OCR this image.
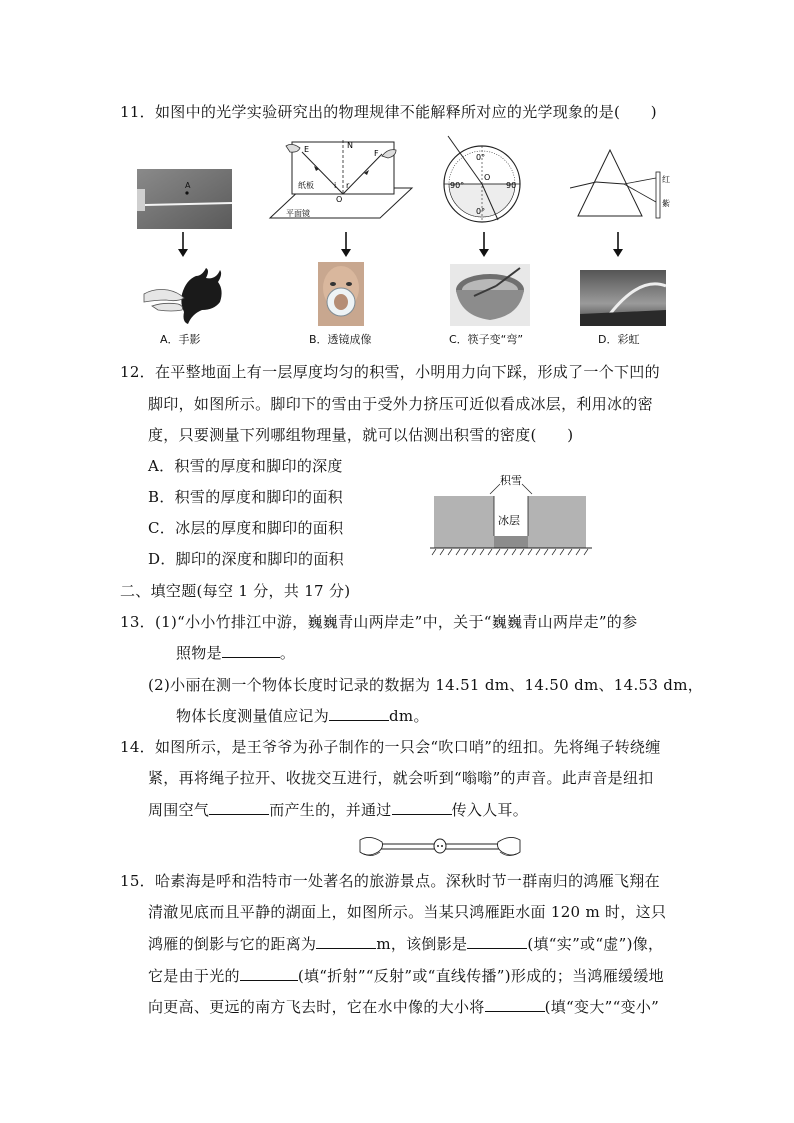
11．如图中的光学实验研究出的物理规律不能解释所对应的光学现象的是(　　)
A
N
E	F
i r
O
纸板
平面镜
0°
90°	90
0°
O	红
紫
A．手影	B．透镜成像	C．筷子变“弯”	D．彩虹
12．在平整地面上有一层厚度均匀的积雪，小明用力向下踩，形成了一个下凹的
脚印，如图所示。脚印下的雪由于受外力挤压可近似看成冰层，利用冰的密
度，只要测量下列哪组物理量，就可以估测出积雪的密度(　　)
A．积雪的厚度和脚印的深度
B．积雪的厚度和脚印的面积
C．冰层的厚度和脚印的面积
D．脚印的深度和脚印的面积
积雪
冰层
二、填空题(每空 1 分，共 17 分)
13．(1)“小小竹排江中游，巍巍青山两岸走”中，关于“巍巍青山两岸走”的参
照物是	。
(2)小丽在测一个物体长度时记录的数据为 14.51 dm、14.50 dm、14.53 dm，
物体长度测量值应记为	dm。
14．如图所示，是王爷爷为孙子制作的一只会“吹口哨”的纽扣。先将绳子转绕缠
紧，再将绳子拉开、收拢交互进行，就会听到“嗡嗡”的声音。此声音是纽扣
周围空气	而产生的，并通过	传入人耳。
15．哈素海是呼和浩特市一处著名的旅游景点。深秋时节一群南归的鸿雁飞翔在
清澈见底而且平静的湖面上，如图所示。当某只鸿雁距水面 120 m 时，这只
鸿雁的倒影与它的距离为	m，该倒影是	(填“实”或“虚”)像，
它是由于光的	(填“折射”“反射”或“直线传播”)形成的；当鸿雁缓缓地
向更高、更远的南方飞去时，它在水中像的大小将	(填“变大”“变小”
